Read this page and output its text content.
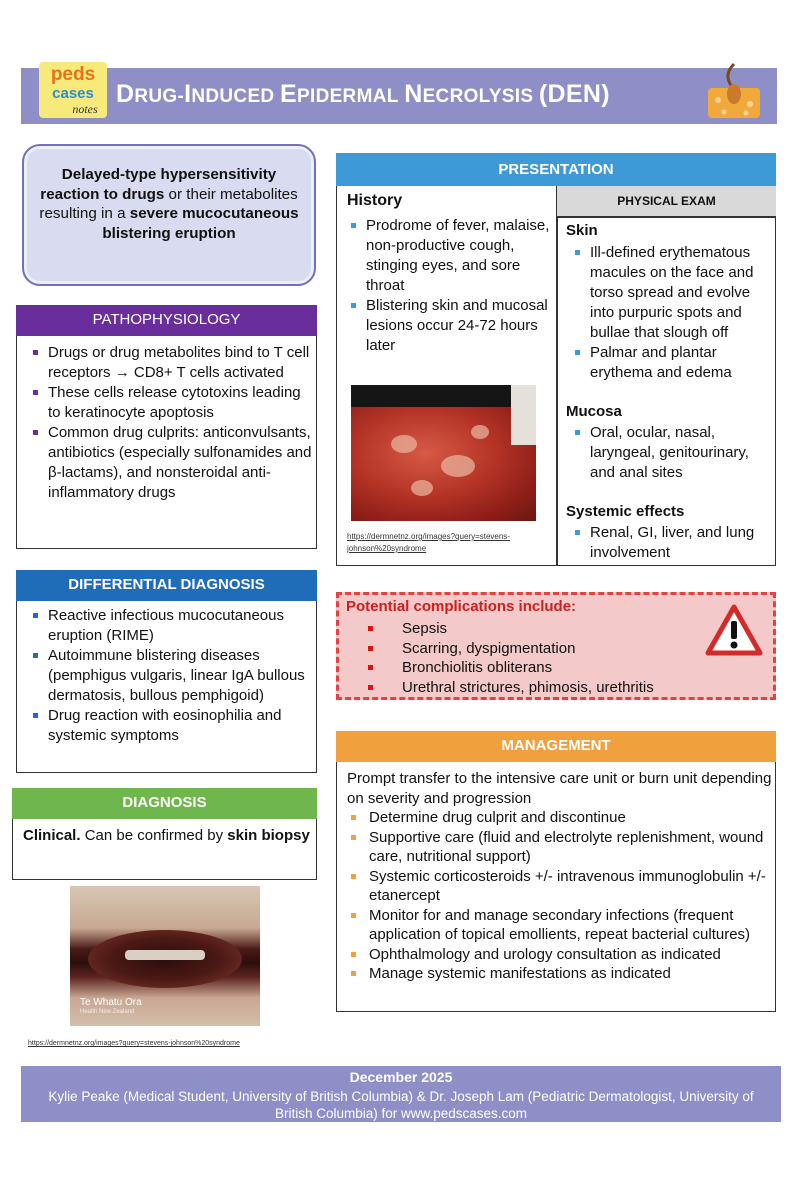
peds
cases
notes
DRUG-INDUCED EPIDERMAL NECROLYSIS (DEN)
Delayed-type hypersensitivity reaction to drugs or their metabolites resulting in a severe mucocutaneous blistering eruption
PATHOPHYSIOLOGY
Drugs or drug metabolites bind to T cell receptors → CD8+ T cells activated
These cells release cytotoxins leading to keratinocyte apoptosis
Common drug culprits: anticonvulsants, antibiotics (especially sulfonamides and β-lactams), and nonsteroidal anti-inflammatory drugs
DIFFERENTIAL DIAGNOSIS
Reactive infectious mucocutaneous eruption (RIME)
Autoimmune blistering diseases (pemphigus vulgaris, linear IgA bullous dermatosis, bullous pemphigoid)
Drug reaction with eosinophilia and systemic symptoms
DIAGNOSIS
Clinical. Can be confirmed by skin biopsy
Te Whatu Ora
Health New Zealand
https://dermnetnz.org/images?query=stevens-johnson%20syndrome
PRESENTATION
History
Prodrome of fever, malaise, non-productive cough, stinging eyes, and sore throat
Blistering skin and mucosal lesions occur 24-72 hours later
https://dermnetnz.org/images?query=stevens-johnson%20syndrome
PHYSICAL EXAM
Skin
Ill-defined erythematous macules on the face and torso spread and evolve into purpuric spots and bullae that slough off
Palmar and plantar erythema and edema
Mucosa
Oral, ocular, nasal, laryngeal, genitourinary, and anal sites
Systemic effects
Renal, GI, liver, and lung involvement
Potential complications include:
Sepsis
Scarring, dyspigmentation
Bronchiolitis obliterans
Urethral strictures, phimosis, urethritis
MANAGEMENT
Prompt transfer to the intensive care unit or burn unit depending on severity and progression
Determine drug culprit and discontinue
Supportive care (fluid and electrolyte replenishment, wound care, nutritional support)
Systemic corticosteroids +/- intravenous immunoglobulin +/- etanercept
Monitor for and manage secondary infections (frequent application of topical emollients, repeat bacterial cultures)
Ophthalmology and urology consultation as indicated
Manage systemic manifestations as indicated
December 2025
Kylie Peake (Medical Student, University of British Columbia) & Dr. Joseph Lam (Pediatric Dermatologist, University of British Columbia) for www.pedscases.com
